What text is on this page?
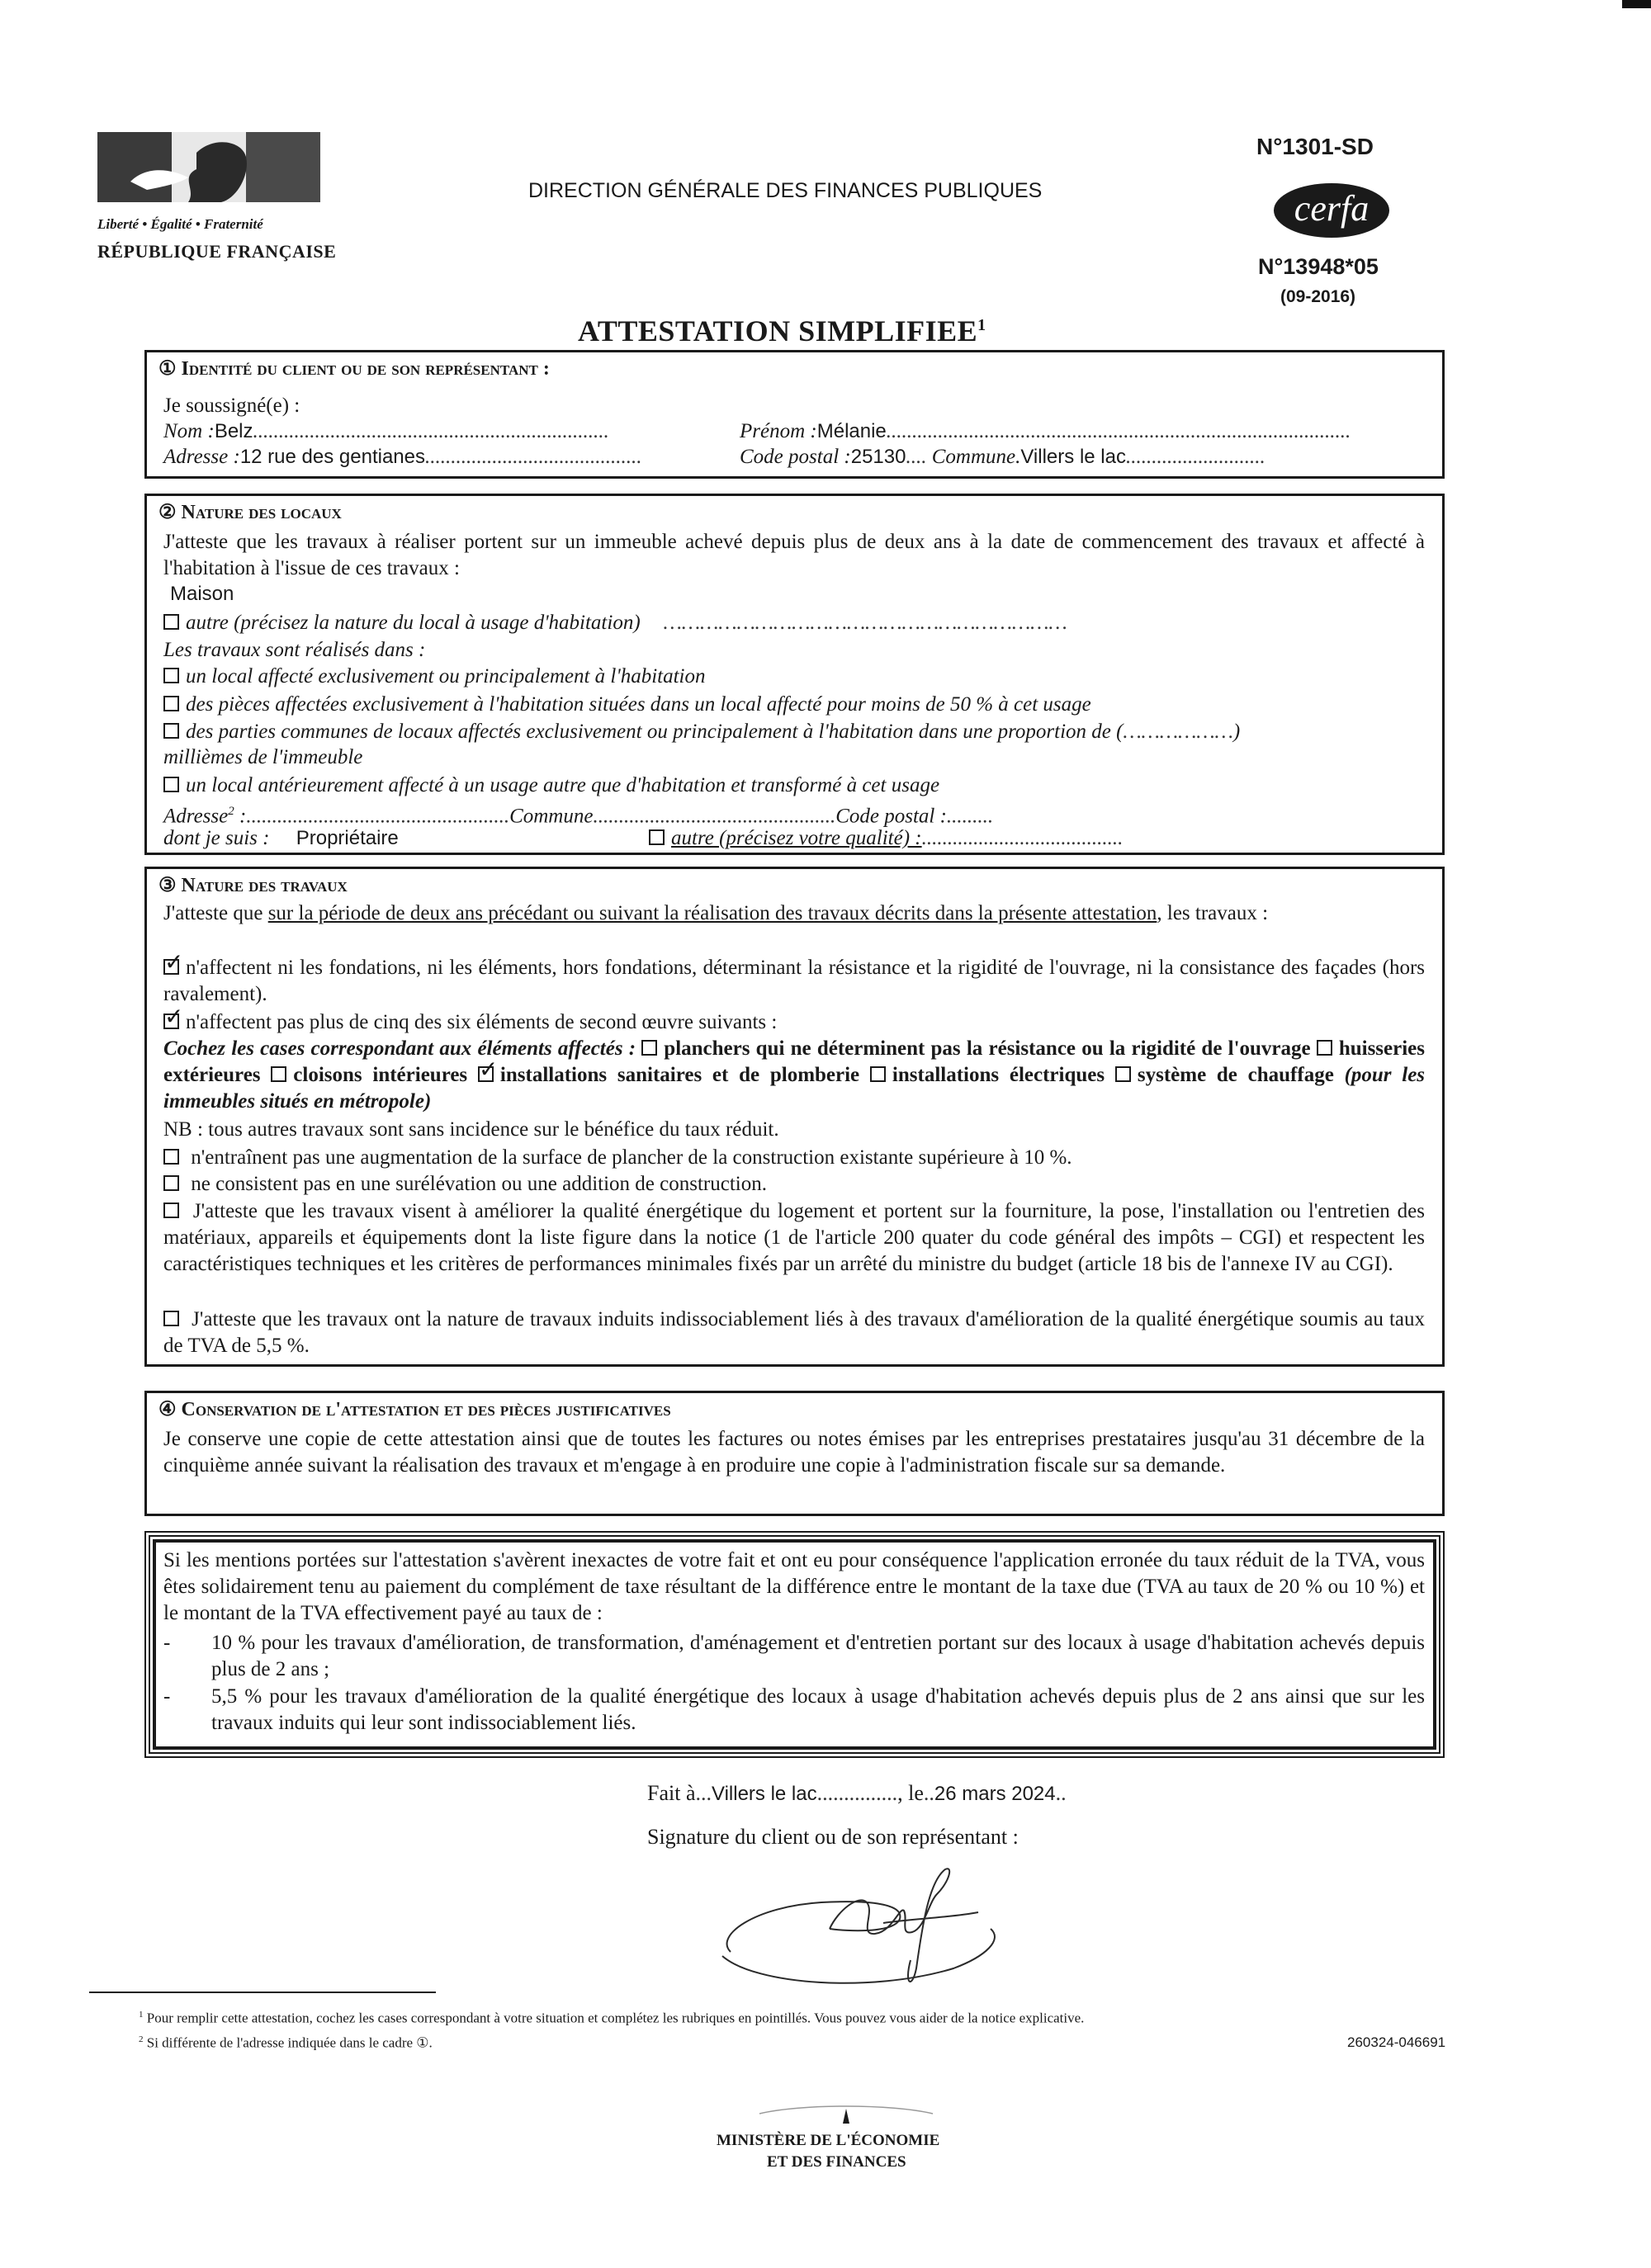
Liberté • Égalité • Fraternité
RÉPUBLIQUE FRANÇAISE
DIRECTION GÉNÉRALE DES FINANCES PUBLIQUES
N°1301-SD
cerfa
N°13948*05
(09-2016)
ATTESTATION SIMPLIFIEE$^1$
① Identité du client ou de son représentant :
Je soussigné(e) :
Nom :Belz.....................................................................	Prénom :Mélanie..........................................................................................
Adresse :12 rue des gentianes..........................................	Code postal :25130.... Commune.Villers le lac...........................
② Nature des locaux
J'atteste que les travaux à réaliser portent sur un immeuble achevé depuis plus de deux ans à la date de commencement des travaux et affecté à l'habitation à l'issue de ces travaux :
Maison
autre (précisez la nature du local à usage d'habitation) …………………………………………………………
Les travaux sont réalisés dans :
un local affecté exclusivement ou principalement à l'habitation
des pièces affectées exclusivement à l'habitation situées dans un local affecté pour moins de 50 % à cet usage
des parties communes de locaux affectés exclusivement ou principalement à l'habitation dans une proportion de (………………)
millièmes de l'immeuble
un local antérieurement affecté à un usage autre que d'habitation et transformé à cet usage
Adresse$^2$ :...................................................Commune...............................................Code postal :.........
dont je suis : Propriétaire	autre (précisez votre qualité) :.......................................
③ Nature des travaux
J'atteste que sur la période de deux ans précédant ou suivant la réalisation des travaux décrits dans la présente attestation, les travaux :
✓n'affectent ni les fondations, ni les éléments, hors fondations, déterminant la résistance et la rigidité de l'ouvrage, ni la consistance des façades (hors ravalement).
✓n'affectent pas plus de cinq des six éléments de second œuvre suivants :
Cochez les cases correspondant aux éléments affectés : planchers qui ne déterminent pas la résistance ou la rigidité de l'ouvrage huisseries extérieures cloisons intérieures ✓ installations sanitaires et de plomberie installations électriques système de chauffage (pour les immeubles situés en métropole)
NB : tous autres travaux sont sans incidence sur le bénéfice du taux réduit.
n'entraînent pas une augmentation de la surface de plancher de la construction existante supérieure à 10 %.
ne consistent pas en une surélévation ou une addition de construction.
J'atteste que les travaux visent à améliorer la qualité énergétique du logement et portent sur la fourniture, la pose, l'installation ou l'entretien des matériaux, appareils et équipements dont la liste figure dans la notice (1 de l'article 200 quater du code général des impôts – CGI) et respectent les caractéristiques techniques et les critères de performances minimales fixés par un arrêté du ministre du budget (article 18 bis de l'annexe IV au CGI).
J'atteste que les travaux ont la nature de travaux induits indissociablement liés à des travaux d'amélioration de la qualité énergétique soumis au taux de TVA de 5,5 %.
④ Conservation de l'attestation et des pièces justificatives
Je conserve une copie de cette attestation ainsi que de toutes les factures ou notes émises par les entreprises prestataires jusqu'au 31 décembre de la cinquième année suivant la réalisation des travaux et m'engage à en produire une copie à l'administration fiscale sur sa demande.
Si les mentions portées sur l'attestation s'avèrent inexactes de votre fait et ont eu pour conséquence l'application erronée du taux réduit de la TVA, vous êtes solidairement tenu au paiement du complément de taxe résultant de la différence entre le montant de la taxe due (TVA au taux de 20 % ou 10 %) et le montant de la TVA effectivement payé au taux de :
- 10 % pour les travaux d'amélioration, de transformation, d'aménagement et d'entretien portant sur des locaux à usage d'habitation achevés depuis plus de 2 ans ;
- 5,5 % pour les travaux d'amélioration de la qualité énergétique des locaux à usage d'habitation achevés depuis plus de 2 ans ainsi que sur les travaux induits qui leur sont indissociablement liés.
Fait à...Villers le lac..............., le..26 mars 2024..
Signature du client ou de son représentant :
$^1$ Pour remplir cette attestation, cochez les cases correspondant à votre situation et complétez les rubriques en pointillés. Vous pouvez vous aider de la notice explicative.
$^2$ Si différente de l'adresse indiquée dans le cadre ①.	260324-046691
MINISTÈRE DE L'ÉCONOMIE
ET DES FINANCES
